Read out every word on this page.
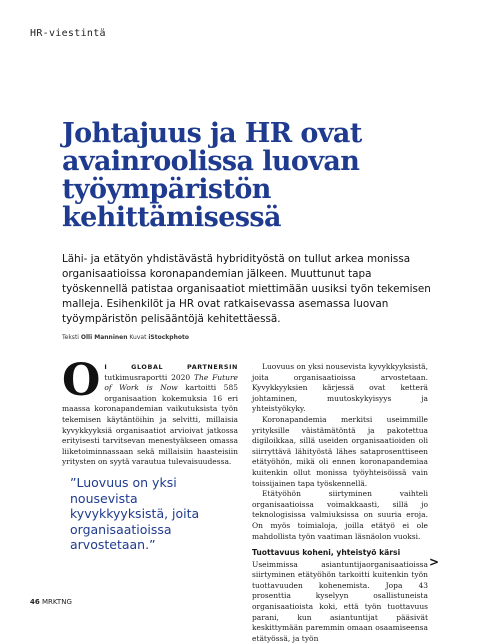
HR-viestintä
Johtajuus ja HR ovat avainroolissa luovan työympäristön kehittämisessä

Lähi- ja etätyön yhdistävästä hybridityöstä on tullut arkea monissa organisaatioissa koronapandemian jälkeen. Muuttunut tapa työskennellä patistaa organisaatiot miettimään uusiksi työn tekemisen malleja. Esihenkilöt ja HR ovat ratkaisevassa asemassa luovan työympäristön pelisääntöjä kehitettäessä.

Teksti Olli Manninen Kuvat iStockphoto

O I GLOBAL PARTNERSIN tutkimusraportti 2020 The Future of Work is Now kartoitti 585 organisaation kokemuksia 16 eri maassa koronapandemian vaikutuksista työn tekemisen käytäntöihin ja selvitti, millaisia kyvykkyyksiä organisaatiot arvioivat jatkossa erityisesti tarvitsevan menestyäkseen omassa liiketoiminnassaan sekä millaisiin haasteisiin yritysten on syytä varautua tulevaisuudessa.

”Luovuus on yksi nousevista kyvykkyyksistä, joita organisaatioissa arvostetaan.”

Luovuus on yksi nousevista kyvykkyyksistä, joita organisaatioissa arvostetaan. Kyvykkyyksien kärjessä ovat ketterä johtaminen, muutoskykyisyys ja yhteistyökyky.

Koronapandemia merkitsi useimmille yrityksille väistämätöntä ja pakotettua digiloikkaa, sillä useiden organisaatioiden oli siirryttävä lähityöstä lähes sataprosenttiseen etätyöhön, mikä oli ennen koronapandemiaa kuitenkin ollut monissa työyhteisöissä vain toissijainen tapa työskennellä.

Etätyöhön siirtyminen vaihteli organisaatioissa voimakkaasti, sillä jo teknologisissa valmiuksissa on suuria eroja. On myös toimialoja, joilla etätyö ei ole mahdollista työn vaatiman läsnäolon vuoksi.

Tuottavuus koheni, yhteistyö kärsi

Useimmissa asiantuntijaorganisaatioissa siirtyminen etätyöhön tarkoitti kuitenkin työn tuottavuuden kohenemista. Jopa 43 prosenttia kyselyyn osallistuneista organisaatioista koki, että työn tuottavuus parani, kun asiantuntijat pääsivät keskittymään paremmin omaan osaamiseensa etätyössä, ja työn

>
46 MRKTNG
